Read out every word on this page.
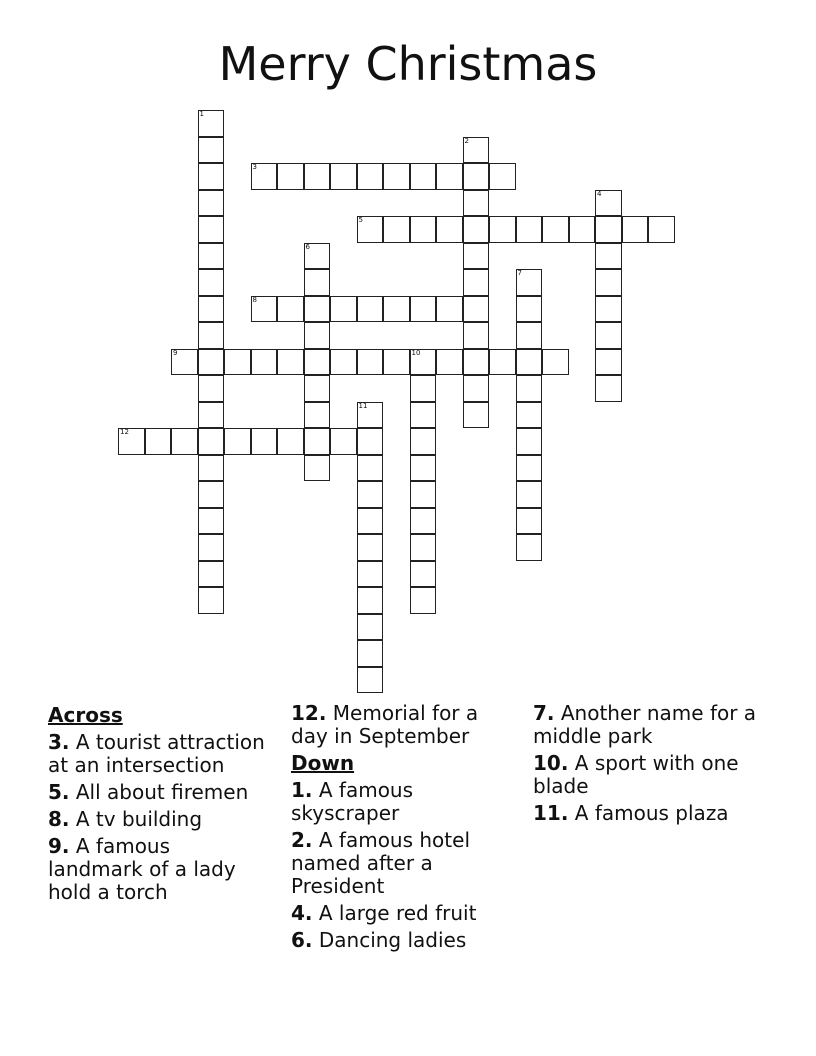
Merry Christmas
3
5
8
9	10
12
1
2
4
6
7
11
Across
3. A tourist attraction at an intersection
5. All about firemen
8. A tv building
9. A famous landmark of a lady hold a torch
12. Memorial for a day in September
Down
1. A famous skyscraper
2. A famous hotel named after a President
4. A large red fruit
6. Dancing ladies
7. Another name for a middle park
10. A sport with one blade
11. A famous plaza
